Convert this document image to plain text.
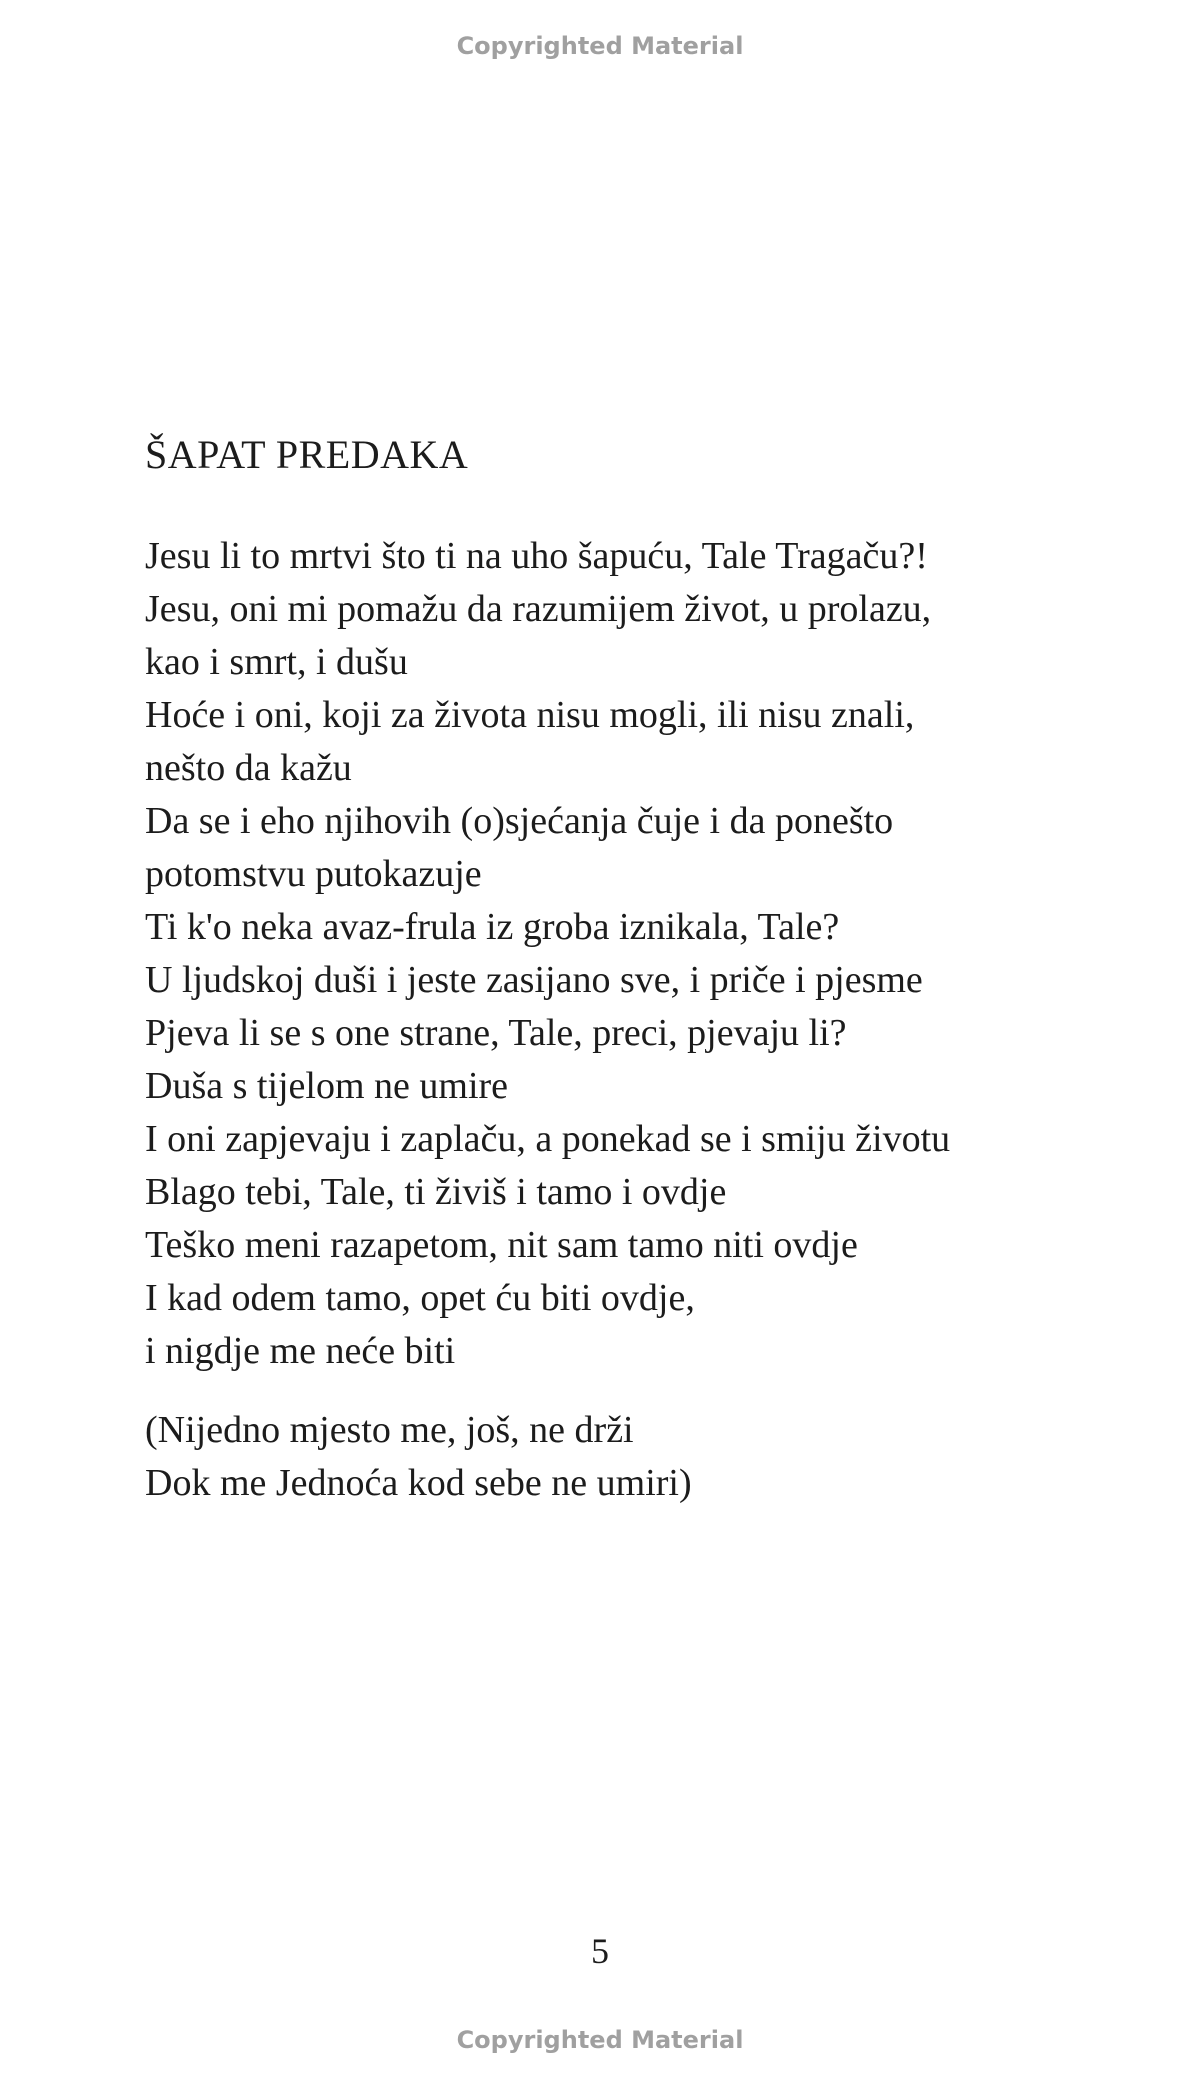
Copyrighted Material
ŠAPAT PREDAKA
Jesu li to mrtvi što ti na uho šapuću, Tale Tragaču?!
Jesu, oni mi pomažu da razumijem život, u prolazu,
kao i smrt, i dušu
Hoće i oni, koji za života nisu mogli, ili nisu znali,
nešto da kažu
Da se i eho njihovih (o)sjećanja čuje i da ponešto
potomstvu putokazuje
Ti k'o neka avaz-frula iz groba iznikala, Tale?
U ljudskoj duši i jeste zasijano sve, i priče i pjesme
Pjeva li se s one strane, Tale, preci, pjevaju li?
Duša s tijelom ne umire
I oni zapjevaju i zaplaču, a ponekad se i smiju životu
Blago tebi, Tale, ti živiš i tamo i ovdje
Teško meni razapetom, nit sam tamo niti ovdje
I kad odem tamo, opet ću biti ovdje,
i nigdje me neće biti
(Nijedno mjesto me, još, ne drži
Dok me Jednoća kod sebe ne umiri)
5
Copyrighted Material
